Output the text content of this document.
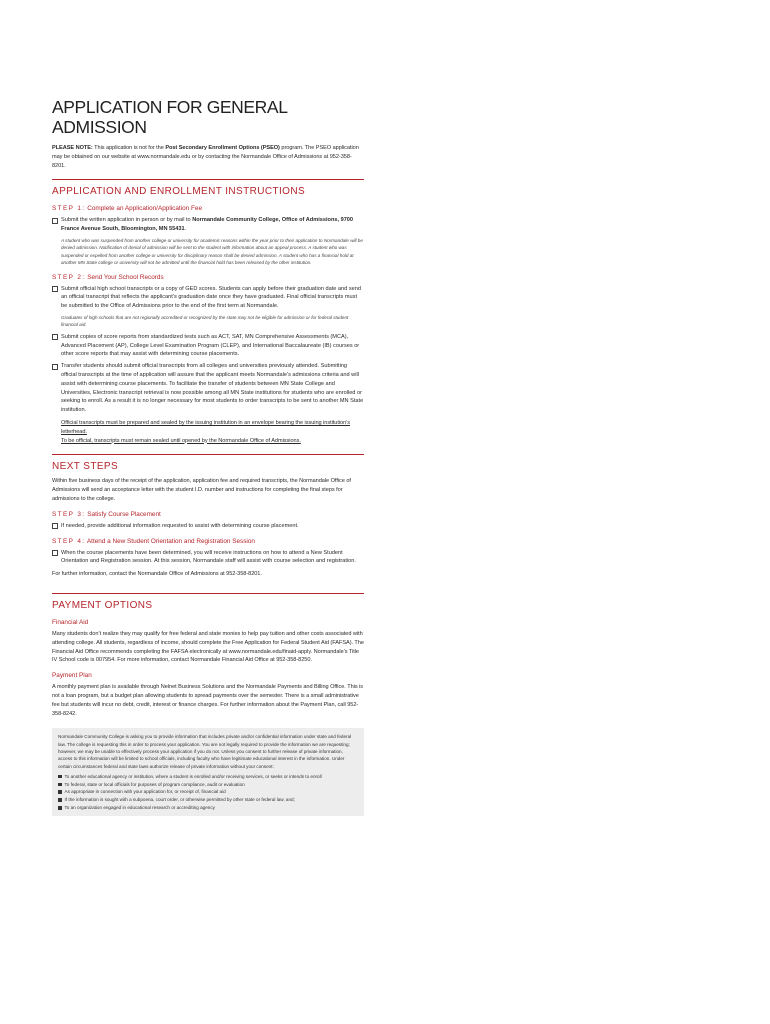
APPLICATION FOR GENERAL ADMISSION

PLEASE NOTE: This application is not for the Post Secondary Enrollment Options (PSEO) program. The PSEO application may be obtained on our website at www.normandale.edu or by contacting the Normandale Office of Admissions at 952-358-8201.

APPLICATION AND ENROLLMENT INSTRUCTIONS
STEP 1: Complete an Application/Application Fee
Submit the written application in person or by mail to Normandale Community College, Office of Admissions, 9700 France Avenue South, Bloomington, MN 55431.

A student who was suspended from another college or university for academic reasons within the year prior to their application to Normandale will be denied admission. Notification of denial of admission will be sent to the student with information about an appeal process. A student who was suspended or expelled from another college or university for disciplinary reason shall be denied admission. A student who has a financial hold at another MN State college or university will not be admitted until the financial hold has been released by the other institution.

STEP 2: Send Your School Records
Submit official high school transcripts or a copy of GED scores. Students can apply before their graduation date and send an official transcript that reflects the applicant’s graduation date once they have graduated. Final official transcripts must be submitted to the Office of Admissions prior to the end of the first term at Normandale.

Graduates of high schools that are not regionally accredited or recognized by the state may not be eligible for admission or for federal student financial aid.

Submit copies of score reports from standardized tests such as ACT, SAT, MN Comprehensive Assessments (MCA), Advanced Placement (AP), College Level Examination Program (CLEP), and International Baccalaureate (IB) courses or other score reports that may assist with determining course placements.
Transfer students should submit official transcripts from all colleges and universities previously attended. Submitting official transcripts at the time of application will assure that the applicant meets Normandale’s admissions criteria and will assist with determining course placements. To facilitate the transfer of students between MN State College and Universities, Electronic transcript retrieval is now possible among all MN State institutions for students who are enrolled or seeking to enroll. As a result it is no longer necessary for most students to order transcripts to be sent to another MN State institution.

Official transcripts must be prepared and sealed by the issuing institution in an envelope bearing the issuing institution’s letterhead.

To be official, transcripts must remain sealed until opened by the Normandale Office of Admissions.

NEXT STEPS

Within five business days of the receipt of the application, application fee and required transcripts, the Normandale Office of Admissions will send an acceptance letter with the student I.D. number and instructions for completing the final steps for admissions to the college.

STEP 3: Satisfy Course Placement
If needed, provide additional information requested to assist with determining course placement.
STEP 4: Attend a New Student Orientation and Registration Session
When the course placements have been determined, you will receive instructions on how to attend a New Student Orientation and Registration session. At this session, Normandale staff will assist with course selection and registration.

For further information, contact the Normandale Office of Admissions at 952-358-8201.

PAYMENT OPTIONS
Financial Aid

Many students don’t realize they may qualify for free federal and state monies to help pay tuition and other costs associated with attending college. All students, regardless of income, should complete the Free Application for Federal Student Aid (FAFSA). The Financial Aid Office recommends completing the FAFSA electronically at www.normandale.edu/finaid-apply. Normandale’s Title IV School code is 007954. For more information, contact Normandale Financial Aid Office at 952-358-8250.

Payment Plan

A monthly payment plan is available through Nelnet Business Solutions and the Normandale Payments and Billing Office. This is not a loan program, but a budget plan allowing students to spread payments over the semester. There is a small administrative fee but students will incur no debt, credit, interest or finance charges. For further information about the Payment Plan, call 952-358-8242.

Normandale Community College is asking you to provide information that includes private and/or confidential information under state and federal law. The college is requesting this in order to process your application. You are not legally required to provide the information we are requesting; however, we may be unable to effectively process your application if you do not. Unless you consent to further release of private information, access to this information will be limited to school officials, including faculty who have legitimate educational interest in the information. Under certain circumstances federal and state laws authorize release of private information without your consent:

To another educational agency or institution, where a student is enrolled and/or receiving services, or seeks or intends to enroll
To federal, state or local officials for purposes of program compliance, audit or evaluation
As appropriate in connection with your application for, or receipt of, financial aid
If the information is sought with a subpoena, court order, or otherwise permitted by other state or federal law, and;
To an organization engaged in educational research or accrediting agency
